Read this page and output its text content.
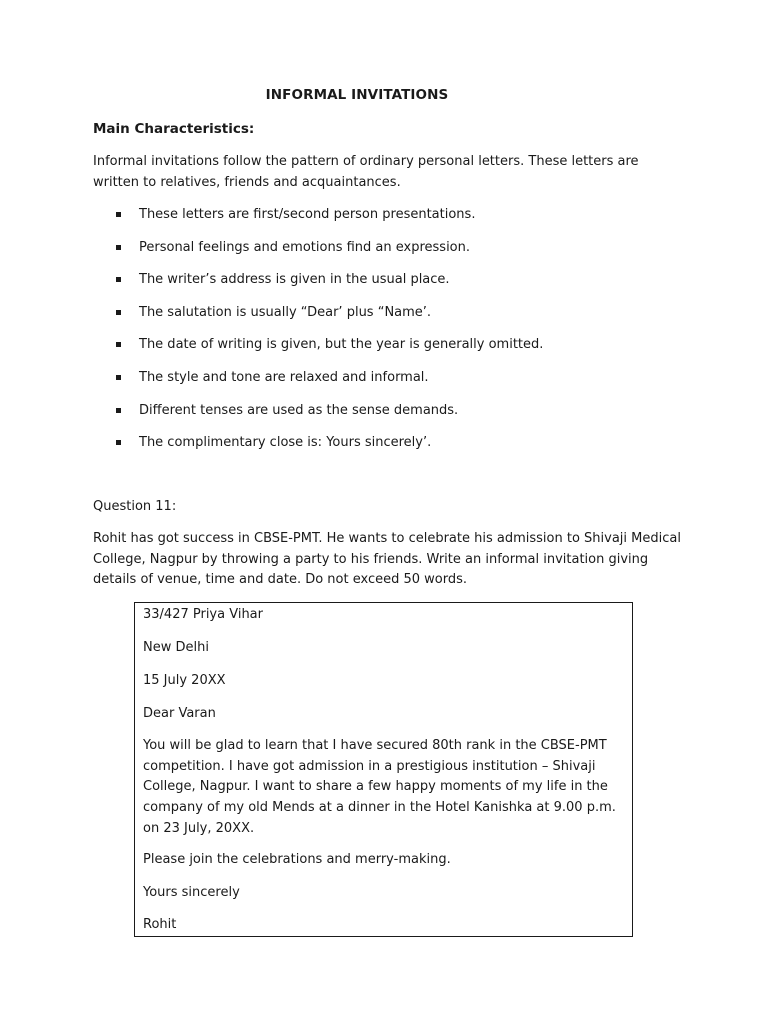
INFORMAL INVITATIONS
Main Characteristics:
Informal invitations follow the pattern of ordinary personal letters. These letters are written to relatives, friends and acquaintances.
These letters are first/second person presentations.
Personal feelings and emotions find an expression.
The writer’s address is given in the usual place.
The salutation is usually “Dear’ plus “Name’.
The date of writing is given, but the year is generally omitted.
The style and tone are relaxed and informal.
Different tenses are used as the sense demands.
The complimentary close is: Yours sincerely’.
Question 11:
Rohit has got success in CBSE-PMT. He wants to celebrate his admission to Shivaji Medical College, Nagpur by throwing a party to his friends. Write an informal invitation giving details of venue, time and date. Do not exceed 50 words.
33/427 Priya Vihar
New Delhi
15 July 20XX
Dear Varan
You will be glad to learn that I have secured 80th rank in the CBSE-PMT competition. I have got admission in a prestigious institution – Shivaji College, Nagpur. I want to share a few happy moments of my life in the company of my old Mends at a dinner in the Hotel Kanishka at 9.00 p.m. on 23 July, 20XX.
Please join the celebrations and merry-making.
Yours sincerely
Rohit
